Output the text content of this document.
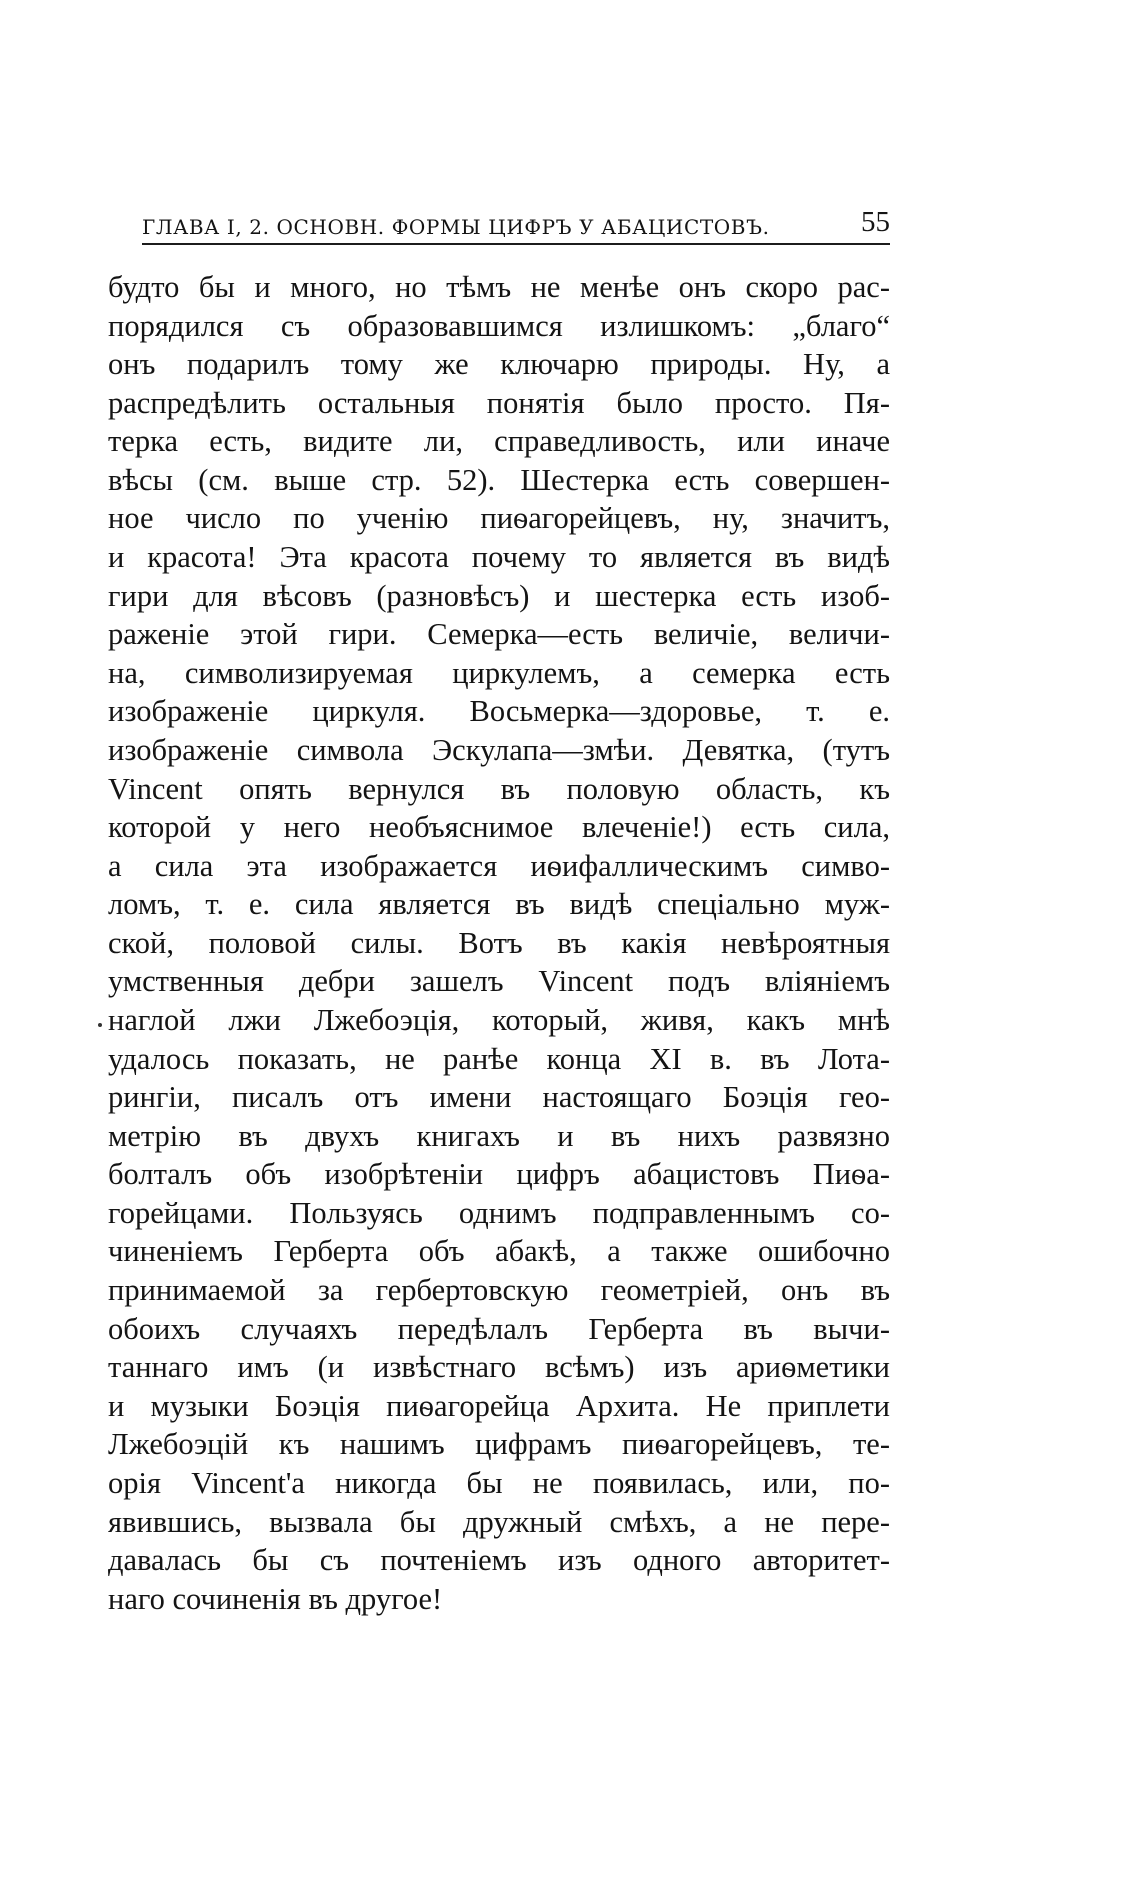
ГЛАВА I, 2. ОСНОВН. ФОРМЫ ЦИФРЪ У АБАЦИСТОВЪ.	55
будто бы и много, но тѣмъ не менѣе онъ скоро рас-
порядился съ образовавшимся излишкомъ: „благо“
онъ подарилъ тому же ключарю природы. Ну, а
распредѣлить остальныя понятія было просто. Пя-
терка есть, видите ли, справедливость, или иначе
вѣсы (см. выше стр. 52). Шестерка есть совершен-
ное число по ученію пиѳагорейцевъ, ну, значитъ,
и красота! Эта красота почему то является въ видѣ
гири для вѣсовъ (разновѣсъ) и шестерка есть изоб-
раженіе этой гири. Семерка—есть величіе, величи-
на, символизируемая циркулемъ, а семерка есть
изображеніе циркуля. Восьмерка—здоровье, т. е.
изображеніе символа Эскулапа—змѣи. Девятка, (тутъ
Vincent опять вернулся въ половую область, къ
которой у него необъяснимое влеченіе!) есть сила,
а сила эта изображается иѳифаллическимъ симво-
ломъ, т. е. сила является въ видѣ спеціально муж-
ской, половой силы. Вотъ въ какія невѣроятныя
умственныя дебри зашелъ Vincent подъ вліяніемъ
наглой лжи Лжебоэція, который, живя, какъ мнѣ
удалось показать, не ранѣе конца XI в. въ Лота-
рингіи, писалъ отъ имени настоящаго Боэція гео-
метрію въ двухъ книгахъ и въ нихъ развязно
болталъ объ изобрѣтеніи цифръ абацистовъ Пиѳа-
горейцами. Пользуясь однимъ подправленнымъ со-
чиненіемъ Герберта объ абакѣ, а также ошибочно
принимаемой за гербертовскую геометріей, онъ въ
обоихъ случаяхъ передѣлалъ Герберта въ вычи-
таннаго имъ (и извѣстнаго всѣмъ) изъ ариѳметики
и музыки Боэція пиѳагорейца Архита. Не приплети
Лжебоэцій къ нашимъ цифрамъ пиѳагорейцевъ, те-
орія Vincent'а никогда бы не появилась, или, по-
явившись, вызвала бы дружный смѣхъ, а не пере-
давалась бы съ почтеніемъ изъ одного авторитет-
наго сочиненія въ другое!
